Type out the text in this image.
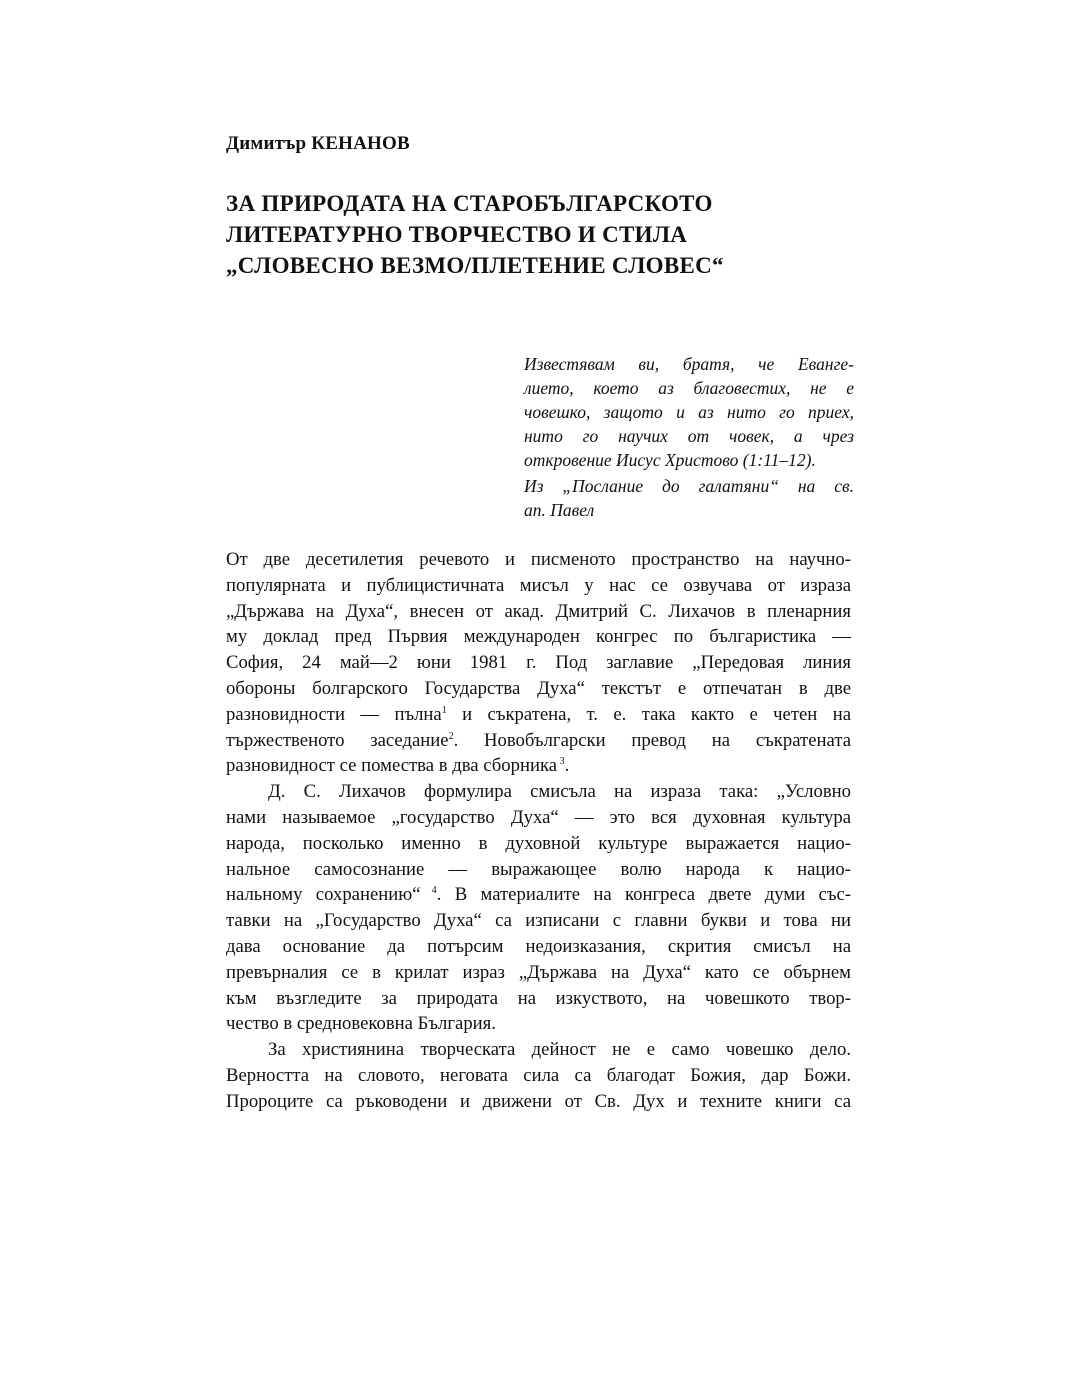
Димитър КЕНАНОВ
ЗА ПРИРОДАТА НА СТАРОБЪЛГАРСКОТО
ЛИТЕРАТУРНО ТВОРЧЕСТВО И СТИЛА
„СЛОВЕСНО ВЕЗМО/ПЛЕТЕНИЕ СЛОВЕС“
Известявам ви, братя, че Еванге-
лието, което аз благовестих, не е
човешко, защото и аз нито го приех,
нито го научих от човек, а чрез
откровение Иисус Христово (1:11–12).
Из „Послание до галатяни“ на св.
ап. Павел
От две десетилетия речевото и писменото пространство на научно-
популярната и публицистичната мисъл у нас се озвучава от израза
„Държава на Духа“, внесен от акад. Дмитрий С. Лихачов в пленарния
му доклад пред Първия международен конгрес по българистика —
София, 24 май—2 юни 1981 г. Под заглавие „Передовая линия
обороны болгарского Государства Духа“ текстът е отпечатан в две
разновидности — пълна$^1$ и съкратена, т. е. така както е четен на
тържественото заседание$^2$. Новобългарски превод на съкратената
разновидност се помества в два сборника $^3$.
Д. С. Лихачов формулира смисъла на израза така: „Условно
нами называемое „государство Духа“ — это вся духовная культура
народа, посколько именно в духовной культуре выражается нацио-
нальное самосознание — выражающее волю народа к нацио-
нальному сохранению“ $^4$. В материалите на конгреса двете думи със-
тавки на „Государство Духа“ са изписани с главни букви и това ни
дава основание да потърсим недоизказания, скрития смисъл на
превърналия се в крилат израз „Държава на Духа“ като се обърнем
към възгледите за природата на изкуството, на човешкото твор-
чество в средновековна България.
За християнина творческата дейност не е само човешко дело.
Верността на словото, неговата сила са благодат Божия, дар Божи.
Пророците са ръководени и движени от Св. Дух и техните книги са
